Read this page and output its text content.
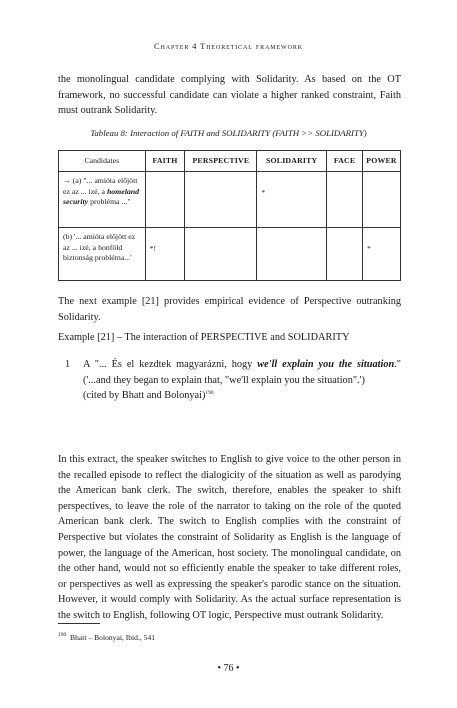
Chapter 4 Theoretical framework

the monolingual candidate complying with Solidarity. As based on the OT framework, no successful candidate can violate a higher ranked constraint, Faith must outrank Solidarity.

Tableau 8: Interaction of FAITH and SOLIDARITY (FAITH >> SOLIDARITY)
Candidates	FAITH	PERSPECTIVE	SOLIDARITY	FACE	POWER
→ (a) "... amióta előjött ez az ... izé, a homeland security probléma ..."			*		

(b) '... amióta előjött ez az ... izé, a honföld biztonság probléma...'	*!				*

The next example [21] provides empirical evidence of Perspective outranking Solidarity.

Example [21] – The interaction of PERSPECTIVE and SOLIDARITY
1 A "... És el kezdtek magyarázni, hogy we'll explain you the situation."
('...and they began to explain that, "we'll explain you the situation".')
(cited by Bhatt and Bolonyai)$^{190}$

In this extract, the speaker switches to English to give voice to the other person in the recalled episode to reflect the dialogicity of the situation as well as parodying the American bank clerk. The switch, therefore, enables the speaker to shift perspectives, to leave the role of the narrator to taking on the role of the quoted American bank clerk. The switch to English complies with the constraint of Perspective but violates the constraint of Solidarity as English is the language of power, the language of the American, host society. The monolingual candidate, on the other hand, would not so efficiently enable the speaker to take different roles, or perspectives as well as expressing the speaker's parodic stance on the situation. However, it would comply with Solidarity. As the actual surface representation is the switch to English, following OT logic, Perspective must outrank Solidarity.

$^{190}$ Bhatt – Bolonyai, Ibid., 541
• 76 •
